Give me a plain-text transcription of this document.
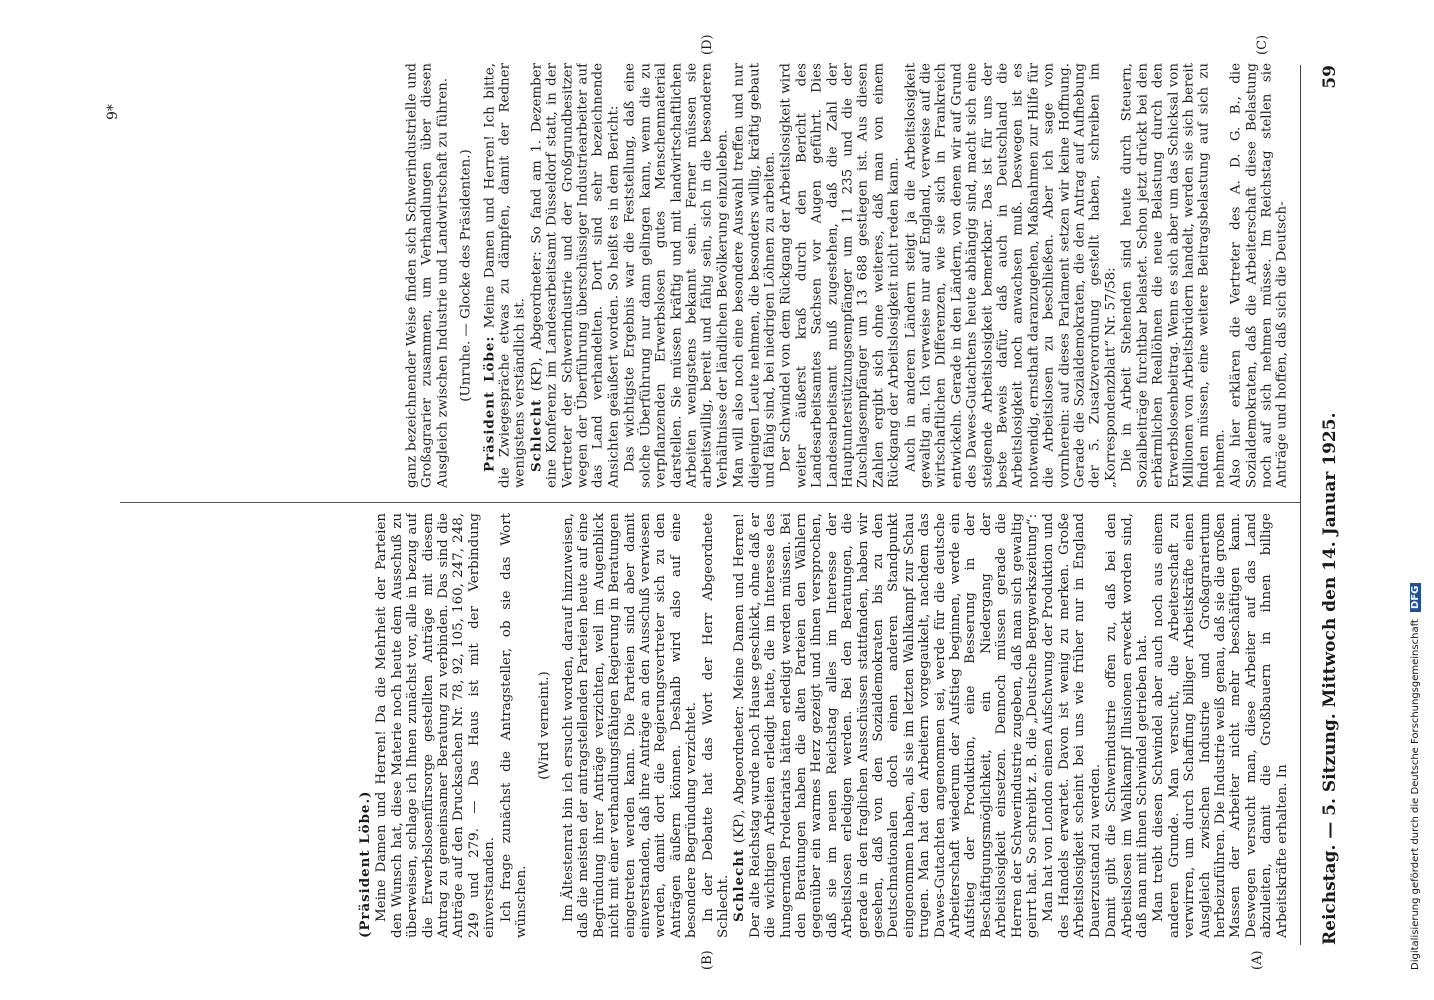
Reichstag. — 5. Sitzung. Mittwoch den 14. Januar 1925.
59
(A)
(B)
(C)
(D)

(Präsident Löbe.) Meine Damen und Herren! Da die Mehrheit der Parteien den Wunsch hat, diese Materie noch heute dem Ausschuß zu überweisen, schlage ich Ihnen zunächst vor, alle in bezug auf die Erwerbslosenfürsorge gestellten Anträge mit diesem Antrag zu gemeinsamer Beratung zu verbinden. Das sind die Anträge auf den Drucksachen Nr. 78, 92, 105, 160, 247, 248, 249 und 279. — Das Haus ist mit der Verbindung einverstanden. Ich frage zunächst die Antragsteller, ob sie das Wort wünschen.

(Wird verneint.) Im Ältestenrat bin ich ersucht worden, darauf hinzuweisen, daß die meisten der antragstellenden Parteien heute auf eine Begründung ihrer Anträge verzichten, weil im Augenblick nicht mit einer verhandlungsfähigen Regierung in Beratungen eingetreten werden kann. Die Parteien sind aber damit einverstanden, daß ihre Anträge an den Ausschuß verwiesen werden, damit dort die Regierungsvertreter sich zu den Anträgen äußern können. Deshalb wird also auf eine besondere Begründung verzichtet. In der Debatte hat das Wort der Herr Abgeordnete Schlecht. Schlecht (KP), Abgeordneter: Meine Damen und Herren! Der alte Reichstag wurde noch Hause geschickt, ohne daß er die wichtigen Arbeiten erledigt hatte, die im Interesse des hungernden Proletariats hätten erledigt werden müssen. Bei den Beratungen haben die alten Parteien den Wählern gegenüber ein warmes Herz gezeigt und ihnen versprochen, daß sie im neuen Reichstag alles im Interesse der Arbeitslosen erledigen werden. Bei den Beratungen, die gerade in den fraglichen Ausschüssen stattfanden, haben wir gesehen, daß von den Sozialdemokraten bis zu den Deutschnationalen doch einen anderen Standpunkt eingenommen haben, als sie im letzten Wahlkampf zur Schau trugen. Man hat den Arbeitern vorgegaukelt, nachdem das Dawes-Gutachten angenommen sei, werde für die deutsche Arbeiterschaft wiederum der Aufstieg beginnen, werde ein Aufstieg der Produktion, eine Besserung in der Beschäftigungsmöglichkeit, ein Niedergang der Arbeitslosigkeit einsetzen. Dennoch müssen gerade die Herren der Schwerindustrie zugeben, daß man sich gewaltig geirrt hat. So schreibt z. B. die „Deutsche Bergwerkszeitung“: Man hat von London einen Aufschwung der Produktion und des Handels erwartet. Davon ist wenig zu merken. Große Arbeitslosigkeit scheint bei uns wie früher nur in England Dauerzustand zu werden. Damit gibt die Schwerindustrie offen zu, daß bei den Arbeitslosen im Wahlkampf Illusionen erweckt worden sind, daß man mit ihnen Schwindel getrieben hat. Man treibt diesen Schwindel aber auch noch aus einem anderen Grunde. Man versucht, die Arbeiterschaft zu verwirren, um durch Schaffung billiger Arbeitskräfte einen Ausgleich zwischen Industrie und Großagrariertum herbeizuführen. Die Industrie weiß genau, daß sie die großen Massen der Arbeiter nicht mehr beschäftigen kann. Deswegen versucht man, diese Arbeiter auf das Land abzuleiten, damit die Großbauern in ihnen billige Arbeitskräfte erhalten. In

ganz bezeichnender Weise finden sich Schwerindustrielle und Großagrarier zusammen, um Verhandlungen über diesen Ausgleich zwischen Industrie und Landwirtschaft zu führen. (Unruhe. — Glocke des Präsidenten.)

Präsident Löbe: Meine Damen und Herren! Ich bitte, die Zwiegespräche etwas zu dämpfen, damit der Redner wenigstens verständlich ist. Schlecht (KP), Abgeordneter: So fand am 1. Dezember eine Konferenz im Landesarbeitsamt Düsseldorf statt, in der Vertreter der Schwerindustrie und der Großgrundbesitzer wegen der Überführung überschüssiger Industriearbeiter auf das Land verhandelten. Dort sind sehr bezeichnende Ansichten geäußert worden. So heißt es in dem Bericht: Das wichtigste Ergebnis war die Feststellung, daß eine solche Überführung nur dann gelingen kann, wenn die zu verpflanzenden Erwerbslosen gutes Menschenmaterial darstellen. Sie müssen kräftig und mit landwirtschaftlichen Arbeiten wenigstens bekannt sein. Ferner müssen sie arbeitswillig, bereit und fähig sein, sich in die besonderen Verhältnisse der ländlichen Bevölkerung einzuleben. Man will also noch eine besondere Auswahl treffen und nur diejenigen Leute nehmen, die besonders willig, kräftig gebaut und fähig sind, bei niedrigen Löhnen zu arbeiten. Der Schwindel von dem Rückgang der Arbeitslosigkeit wird weiter äußerst kraß durch den Bericht des Landesarbeitsamtes Sachsen vor Augen geführt. Dies Landesarbeitsamt muß zugestehen, daß die Zahl der Hauptunterstützungsempfänger um 11 235 und die der Zuschlagsempfänger um 13 688 gestiegen ist. Aus diesen Zahlen ergibt sich ohne weiteres, daß man von einem Rückgang der Arbeitslosigkeit nicht reden kann. Auch in anderen Ländern steigt ja die Arbeitslosigkeit gewaltig an. Ich verweise nur auf England, verweise auf die wirtschaftlichen Differenzen, wie sie sich in Frankreich entwickeln. Gerade in den Ländern, von denen wir auf Grund des Dawes-Gutachtens heute abhängig sind, macht sich eine steigende Arbeitslosigkeit bemerkbar. Das ist für uns der beste Beweis dafür, daß auch in Deutschland die Arbeitslosigkeit noch anwachsen muß. Deswegen ist es notwendig, ernsthaft daranzugehen, Maßnahmen zur Hilfe für die Arbeitslosen zu beschließen. Aber ich sage von vornherein: auf dieses Parlament setzen wir keine Hoffnung. Gerade die Sozialdemokraten, die den Antrag auf Aufhebung der 5. Zusatzverordnung gestellt haben, schreiben im „Korrespondenzblatt“ Nr. 57/58: Die in Arbeit Stehenden sind heute durch Steuern, Sozialbeiträge furchtbar belastet. Schon jetzt drückt bei den erbärmlichen Reallöhnen die neue Belastung durch den Erwerbslosenbeitrag. Wenn es sich aber um das Schicksal von Millionen von Arbeitsbrüdern handelt, werden sie sich bereit finden müssen, eine weitere Beitragsbelastung auf sich zu nehmen. Also hier erklären die Vertreter des A. D. G. B., die Sozialdemokraten, daß die Arbeiterschaft diese Belastung noch auf sich nehmen müsse. Im Reichstag stellen sie Anträge und hoffen, daß sich die Deutsch-

9*
Digitalisierung gefördert durch die Deutsche Forschungsgemeinschaft DFG
